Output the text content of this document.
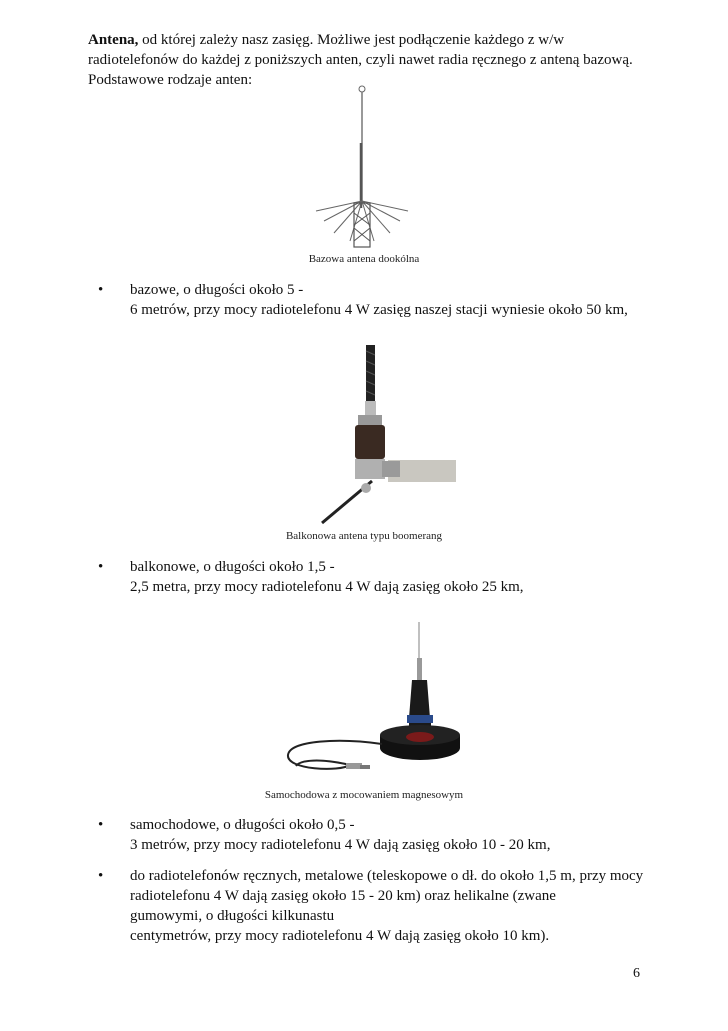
Antena, od której zależy nasz zasięg. Możliwe jest podłączenie każdego z w/w
radiotelefonów do każdej z poniższych anten, czyli nawet radia ręcznego z anteną bazową.
Podstawowe rodzaje anten:
Bazowa antena dookólna
• bazowe, o długości około 5 -
6 metrów, przy mocy radiotelefonu 4 W zasięg naszej stacji wyniesie około 50 km,
Balkonowa antena typu boomerang
• balkonowe, o długości około 1,5 -
2,5 metra, przy mocy radiotelefonu 4 W dają zasięg około 25 km,
Samochodowa z mocowaniem magnesowym
• samochodowe, o długości około 0,5 -
3 metrów, przy mocy radiotelefonu 4 W dają zasięg około 10 - 20 km,
• do radiotelefonów ręcznych, metalowe (teleskopowe o dł. do około 1,5 m, przy mocy
radiotelefonu 4 W dają zasięg około 15 - 20 km) oraz helikalne (zwane
gumowymi, o długości kilkunastu
centymetrów, przy mocy radiotelefonu 4 W dają zasięg około 10 km).
6
